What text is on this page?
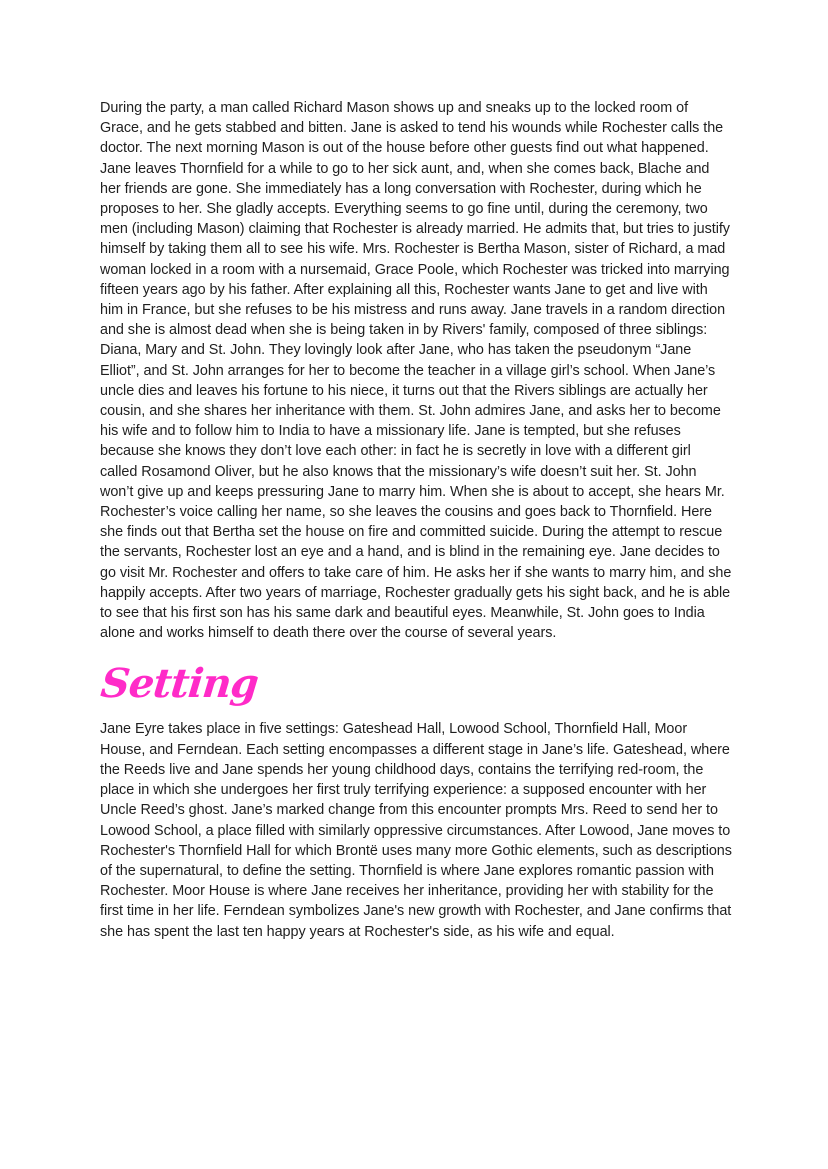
During the party, a man called Richard Mason shows up and sneaks up to the locked room of Grace, and he gets stabbed and bitten. Jane is asked to tend his wounds while Rochester calls the doctor. The next morning Mason is out of the house before other guests find out what happened. Jane leaves Thornfield for a while to go to her sick aunt, and, when she comes back, Blache and her friends are gone. She immediately has a long conversation with Rochester, during which he proposes to her. She gladly accepts. Everything seems to go fine until, during the ceremony, two men (including Mason) claiming that Rochester is already married. He admits that, but tries to justify himself by taking them all to see his wife. Mrs. Rochester is Bertha Mason, sister of Richard, a mad woman locked in a room with a nursemaid, Grace Poole, which Rochester was tricked into marrying fifteen years ago by his father. After explaining all this, Rochester wants Jane to get and live with him in France, but she refuses to be his mistress and runs away. Jane travels in a random direction and she is almost dead when she is being taken in by Rivers' family, composed of three siblings: Diana, Mary and St. John. They lovingly look after Jane, who has taken the pseudonym “Jane Elliot”, and St. John arranges for her to become the teacher in a village girl’s school. When Jane’s uncle dies and leaves his fortune to his niece, it turns out that the Rivers siblings are actually her cousin, and she shares her inheritance with them. St. John admires Jane, and asks her to become his wife and to follow him to India to have a missionary life. Jane is tempted, but she refuses because she knows they don’t love each other: in fact he is secretly in love with a different girl called Rosamond Oliver, but he also knows that the missionary’s wife doesn’t suit her. St. John won’t give up and keeps pressuring Jane to marry him. When she is about to accept, she hears Mr. Rochester’s voice calling her name, so she leaves the cousins and goes back to Thornfield. Here she finds out that Bertha set the house on fire and committed suicide. During the attempt to rescue the servants, Rochester lost an eye and a hand, and is blind in the remaining eye. Jane decides to go visit Mr. Rochester and offers to take care of him. He asks her if she wants to marry him, and she happily accepts. After two years of marriage, Rochester gradually gets his sight back, and he is able to see that his first son has his same dark and beautiful eyes. Meanwhile, St. John goes to India alone and works himself to death there over the course of several years.

Setting

Jane Eyre takes place in five settings: Gateshead Hall, Lowood School, Thornfield Hall, Moor House, and Ferndean. Each setting encompasses a different stage in Jane’s life. Gateshead, where the Reeds live and Jane spends her young childhood days, contains the terrifying red-room, the place in which she undergoes her first truly terrifying experience: a supposed encounter with her Uncle Reed’s ghost. Jane’s marked change from this encounter prompts Mrs. Reed to send her to Lowood School, a place filled with similarly oppressive circumstances. After Lowood, Jane moves to Rochester's Thornfield Hall for which Brontë uses many more Gothic elements, such as descriptions of the supernatural, to define the setting. Thornfield is where Jane explores romantic passion with Rochester. Moor House is where Jane receives her inheritance, providing her with stability for the first time in her life. Ferndean symbolizes Jane's new growth with Rochester, and Jane confirms that she has spent the last ten happy years at Rochester's side, as his wife and equal.
